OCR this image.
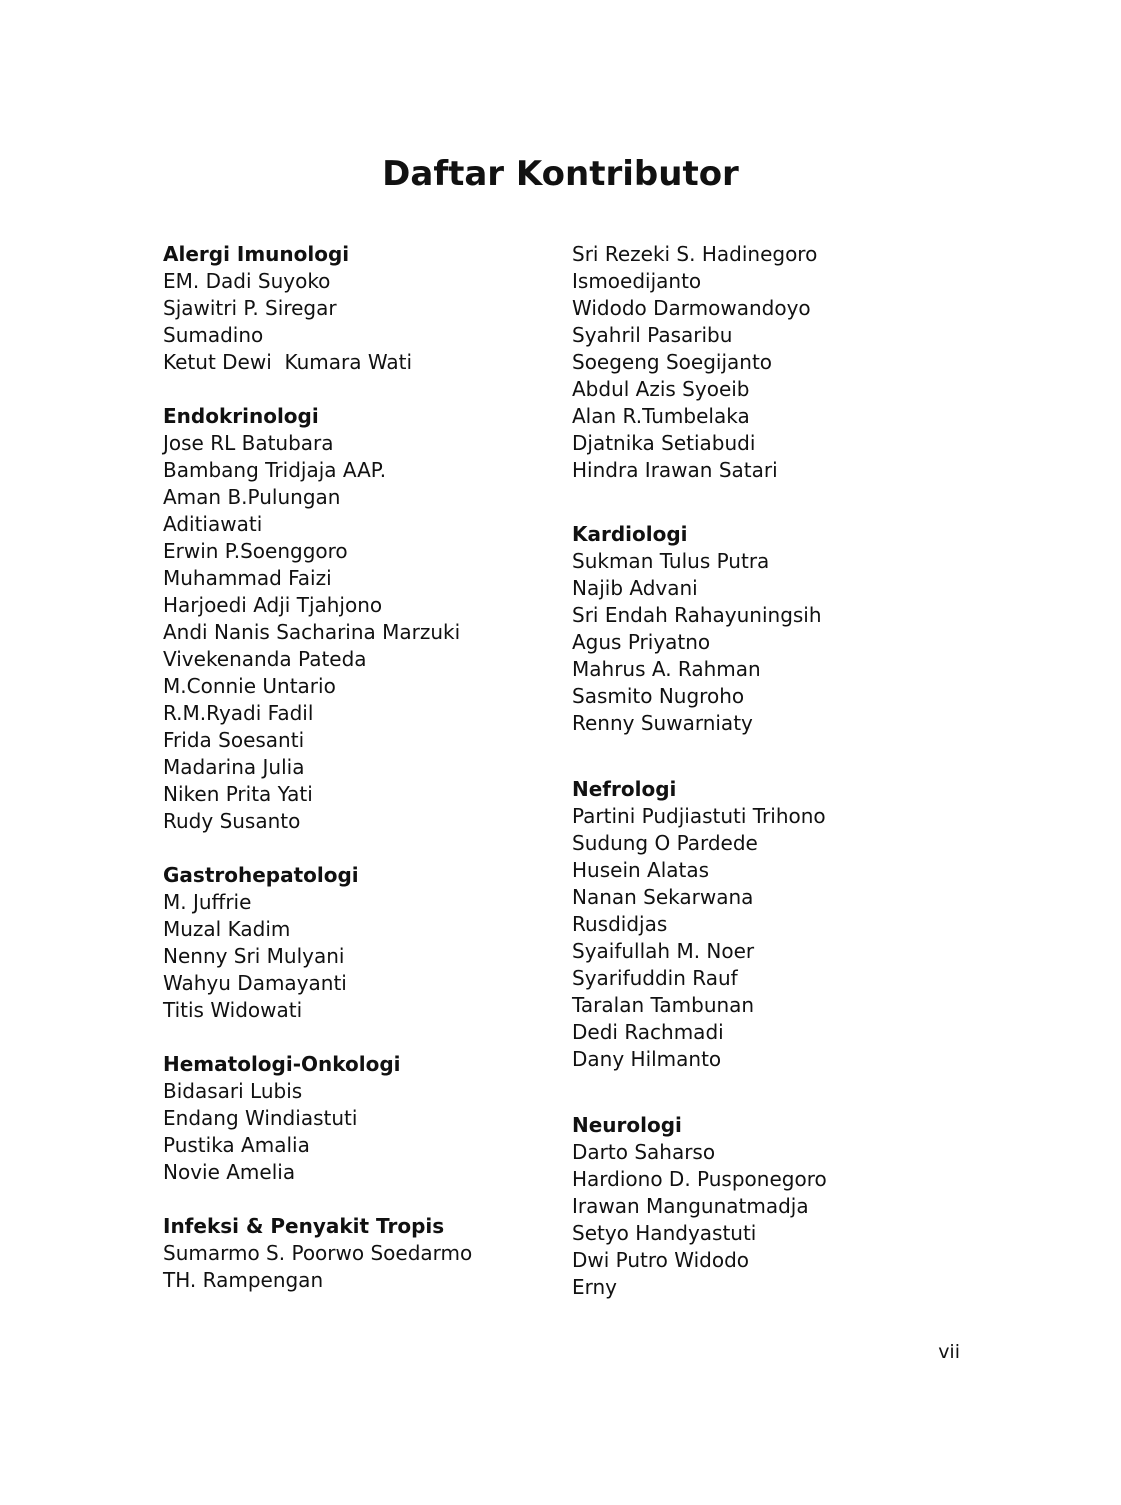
Daftar Kontributor
Alergi Imunologi
EM. Dadi Suyoko
Sjawitri P. Siregar
Sumadino
Ketut Dewi  Kumara Wati
Endokrinologi
Jose RL Batubara
Bambang Tridjaja AAP.
Aman B.Pulungan
Aditiawati
Erwin P.Soenggoro
Muhammad Faizi
Harjoedi Adji Tjahjono
Andi Nanis Sacharina Marzuki
Vivekenanda Pateda
M.Connie Untario
R.M.Ryadi Fadil
Frida Soesanti
Madarina Julia
Niken Prita Yati
Rudy Susanto
Gastrohepatologi
M. Juffrie
Muzal Kadim
Nenny Sri Mulyani
Wahyu Damayanti
Titis Widowati
Hematologi-Onkologi
Bidasari Lubis
Endang Windiastuti
Pustika Amalia
Novie Amelia
Infeksi & Penyakit Tropis
Sumarmo S. Poorwo Soedarmo
TH. Rampengan
Sri Rezeki S. Hadinegoro
Ismoedijanto
Widodo Darmowandoyo
Syahril Pasaribu
Soegeng Soegijanto
Abdul Azis Syoeib
Alan R.Tumbelaka
Djatnika Setiabudi
Hindra Irawan Satari
Kardiologi
Sukman Tulus Putra
Najib Advani
Sri Endah Rahayuningsih
Agus Priyatno
Mahrus A. Rahman
Sasmito Nugroho
Renny Suwarniaty
Nefrologi
Partini Pudjiastuti Trihono
Sudung O Pardede
Husein Alatas
Nanan Sekarwana
Rusdidjas
Syaifullah M. Noer
Syarifuddin Rauf
Taralan Tambunan
Dedi Rachmadi
Dany Hilmanto
Neurologi
Darto Saharso
Hardiono D. Pusponegoro
Irawan Mangunatmadja
Setyo Handyastuti
Dwi Putro Widodo
Erny
vii
